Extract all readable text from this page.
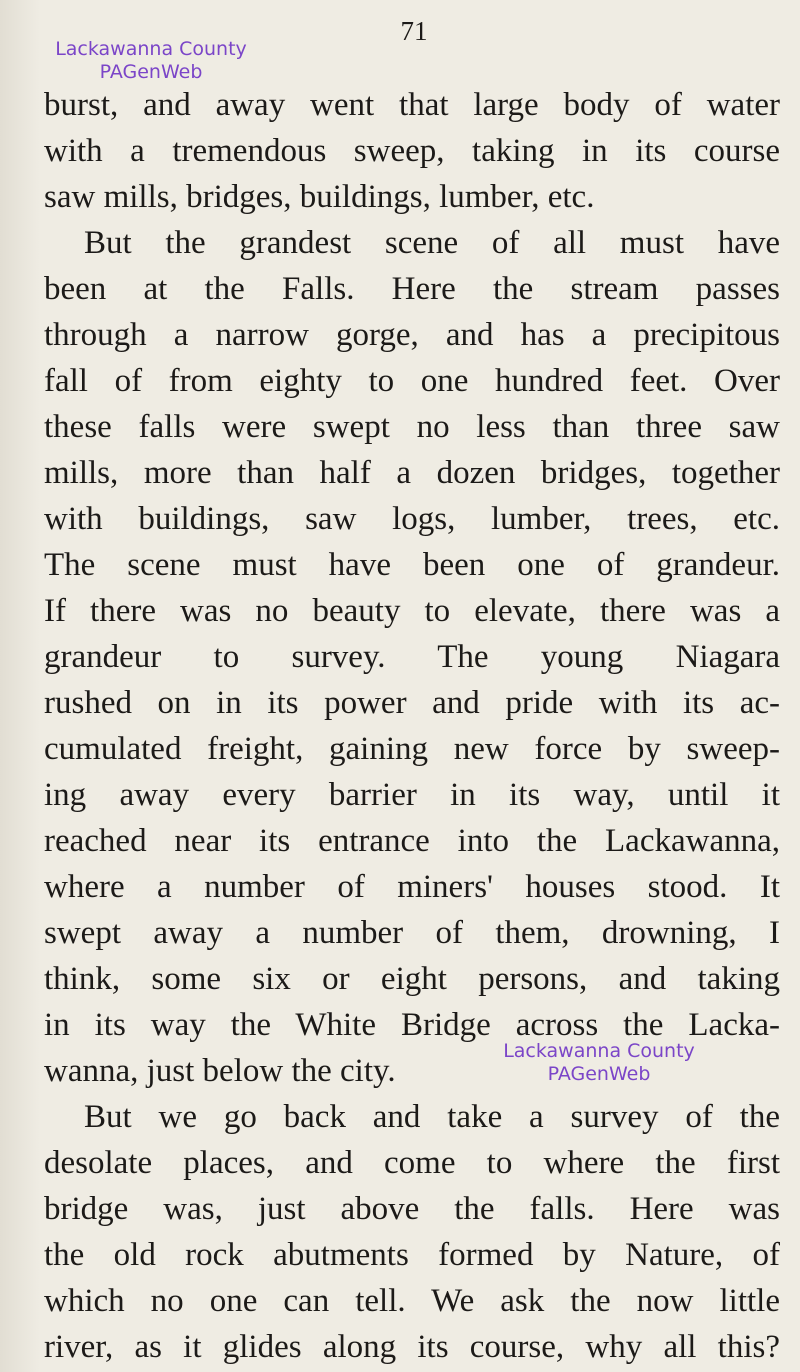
71
Lackawanna County
PAGenWeb
burst, and away went that large body of water
with a tremendous sweep, taking in its course
saw mills, bridges, buildings, lumber, etc.
But the grandest scene of all must have
been at the Falls. Here the stream passes
through a narrow gorge, and has a precipitous
fall of from eighty to one hundred feet. Over
these falls were swept no less than three saw
mills, more than half a dozen bridges, together
with buildings, saw logs, lumber, trees, etc.
The scene must have been one of grandeur.
If there was no beauty to elevate, there was a
grandeur to survey. The young Niagara
rushed on in its power and pride with its ac-
cumulated freight, gaining new force by sweep-
ing away every barrier in its way, until it
reached near its entrance into the Lackawanna,
where a number of miners' houses stood. It
swept away a number of them, drowning, I
think, some six or eight persons, and taking
in its way the White Bridge across the Lacka-
wanna, just below the city.
But we go back and take a survey of the
desolate places, and come to where the first
bridge was, just above the falls. Here was
the old rock abutments formed by Nature, of
which no one can tell. We ask the now little
river, as it glides along its course, why all this?
Lackawanna County
PAGenWeb
